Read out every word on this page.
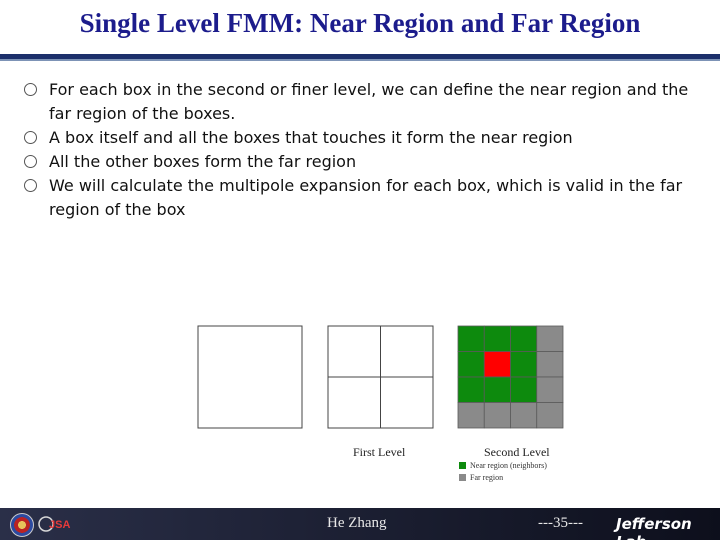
Single Level FMM: Near Region and Far Region
For each box in the second or finer level, we can define the near region and the far region of the boxes.
A box itself and all the boxes that touches it form the near region
All the other boxes form the far region
We will calculate the multipole expansion for each box, which is valid in the far region of the box
First Level	Second Level
Near region (neighbors)
Far region
He Zhang	---35--- Jefferson Lab
JSA
